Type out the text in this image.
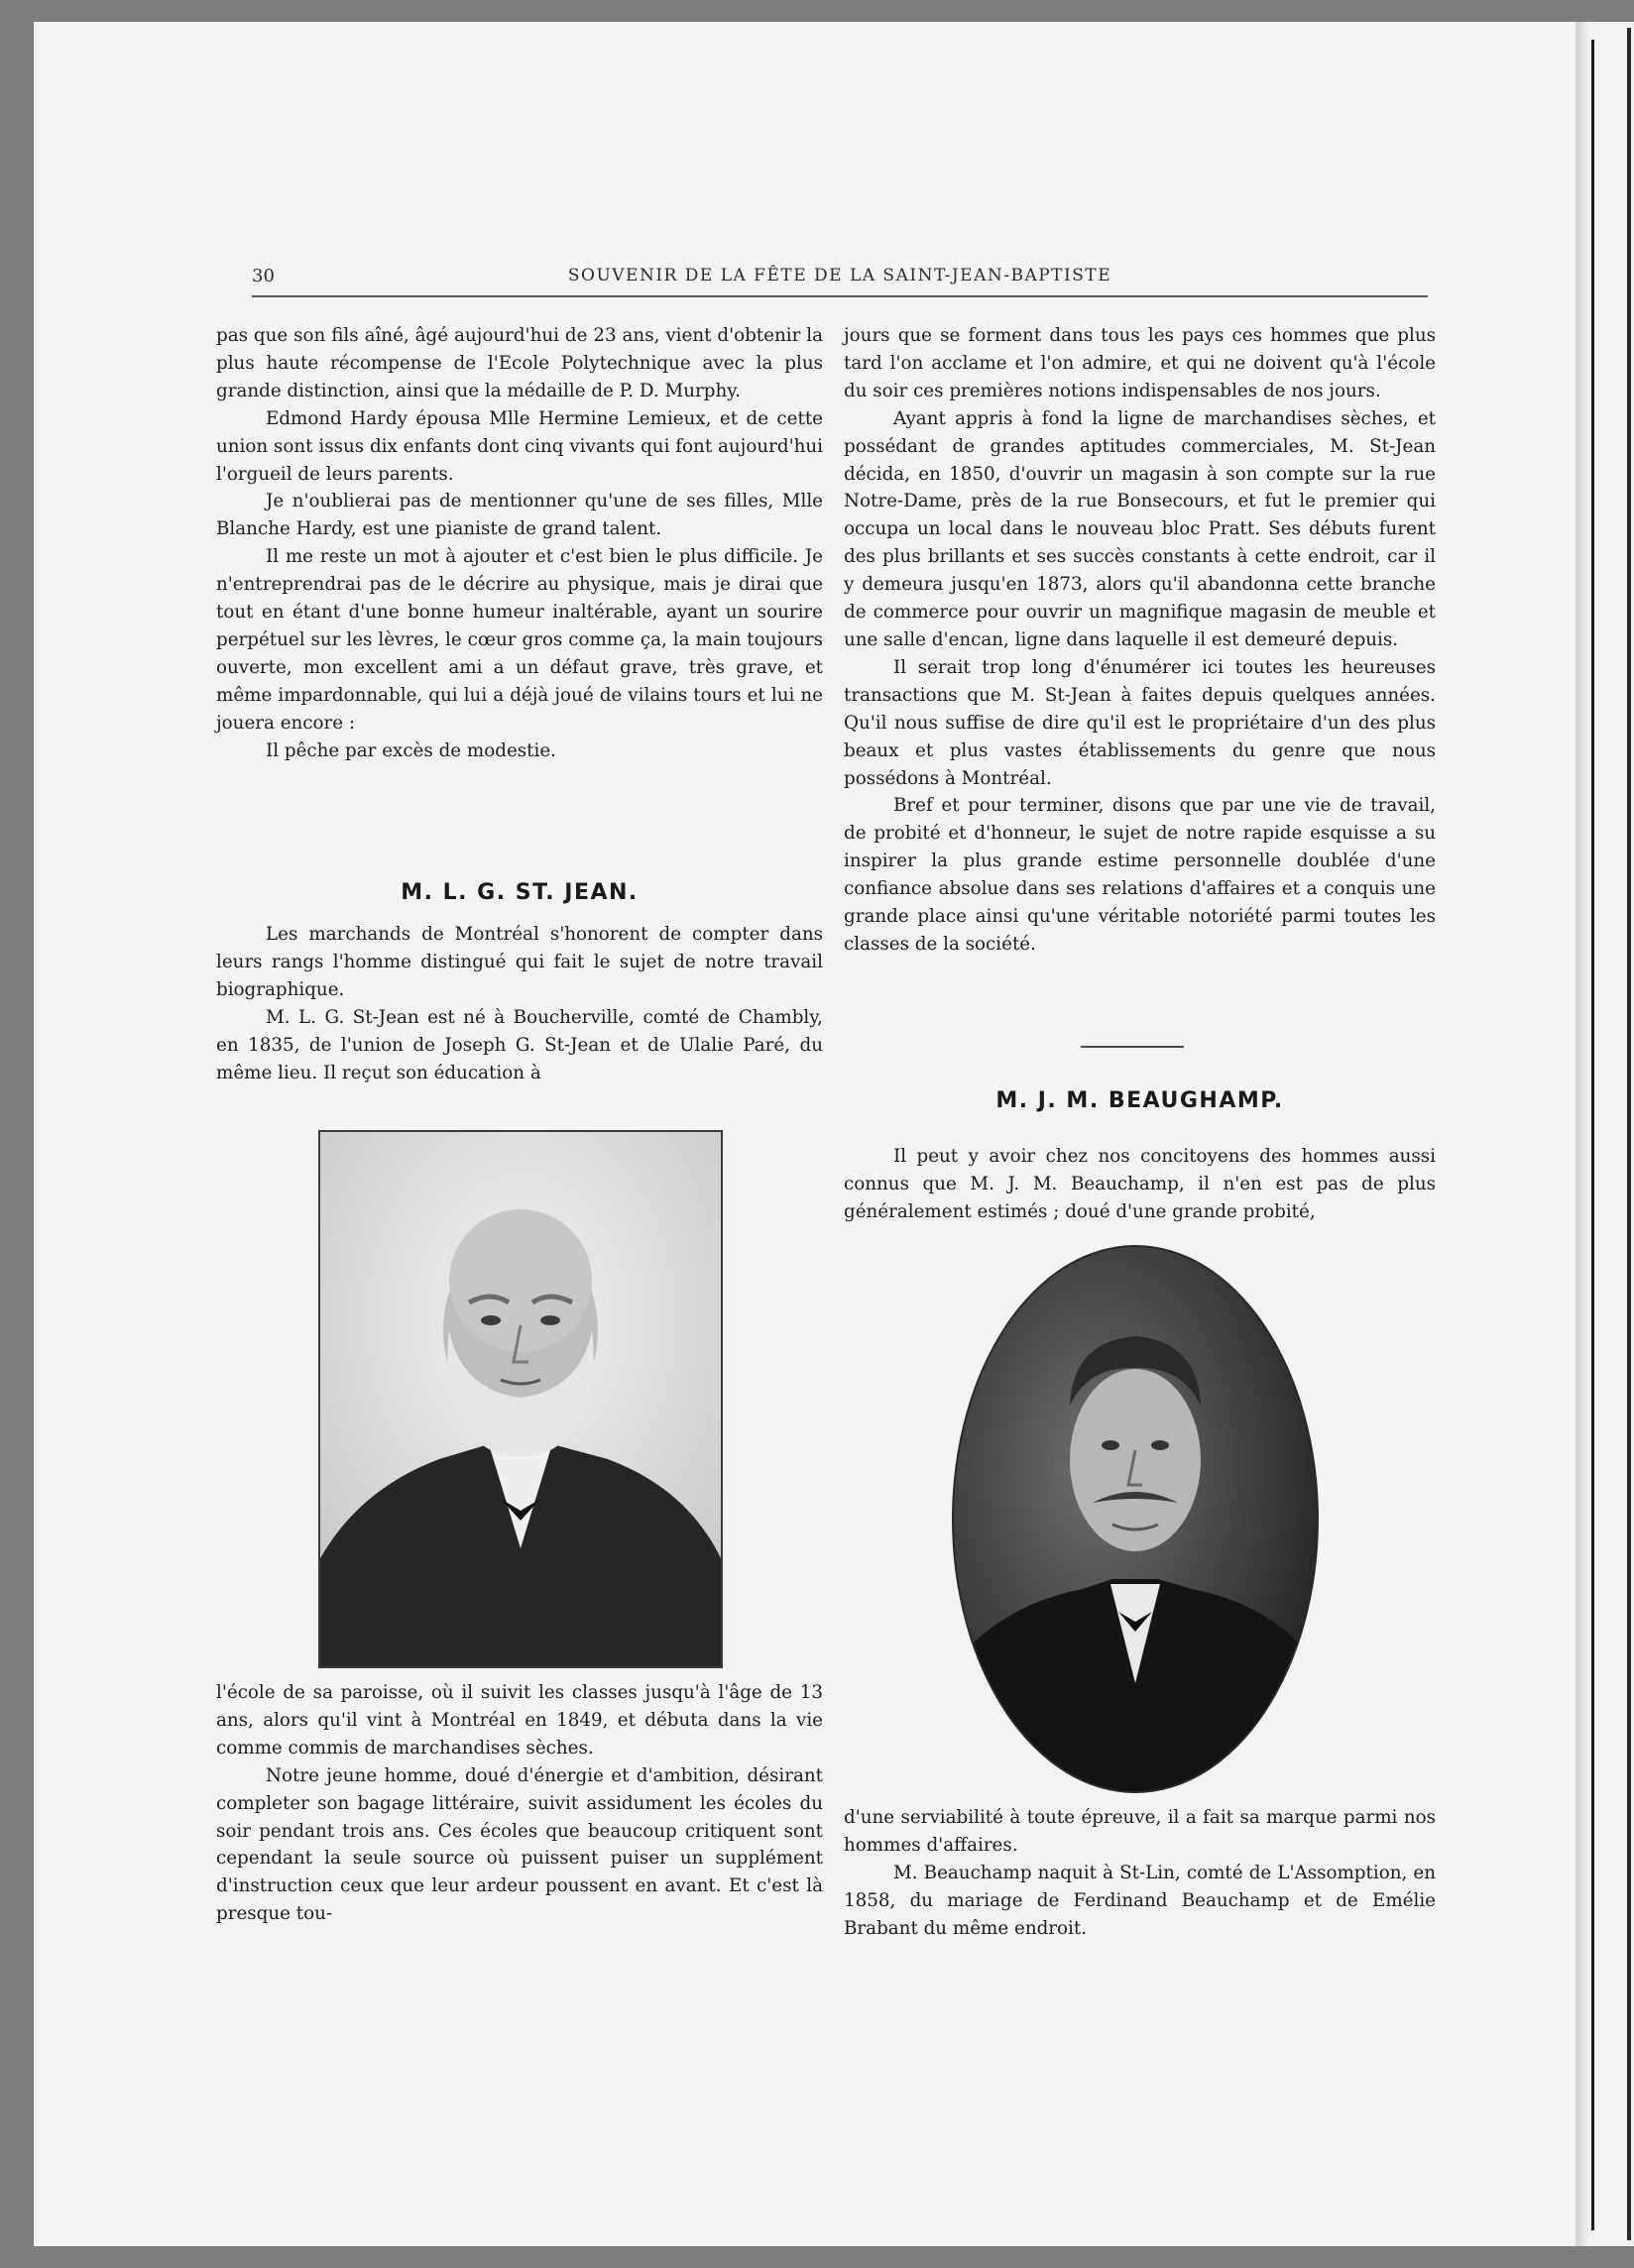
30	SOUVENIR DE LA FÊTE DE LA SAINT-JEAN-BAPTISTE

pas que son fils aîné, âgé aujourd'hui de 23 ans, vient d'obtenir la plus haute récompense de l'Ecole Polytechnique avec la plus grande distinction, ainsi que la médaille de P. D. Murphy.

Edmond Hardy épousa Mlle Hermine Lemieux, et de cette union sont issus dix enfants dont cinq vivants qui font aujourd'hui l'orgueil de leurs parents.

Je n'oublierai pas de mentionner qu'une de ses filles, Mlle Blanche Hardy, est une pianiste de grand talent.

Il me reste un mot à ajouter et c'est bien le plus difficile. Je n'entreprendrai pas de le décrire au physique, mais je dirai que tout en étant d'une bonne humeur inaltérable, ayant un sourire perpétuel sur les lèvres, le cœur gros comme ça, la main toujours ouverte, mon excellent ami a un défaut grave, très grave, et même impardonnable, qui lui a déjà joué de vilains tours et lui ne jouera encore :

Il pêche par excès de modestie.

M. L. G. ST. JEAN.

Les marchands de Montréal s'honorent de compter dans leurs rangs l'homme distingué qui fait le sujet de notre travail biographique.

M. L. G. St-Jean est né à Boucherville, comté de Chambly, en 1835, de l'union de Joseph G. St-Jean et de Ulalie Paré, du même lieu. Il reçut son éducation à

l'école de sa paroisse, où il suivit les classes jusqu'à l'âge de 13 ans, alors qu'il vint à Montréal en 1849, et débuta dans la vie comme commis de marchandises sèches.

Notre jeune homme, doué d'énergie et d'ambition, désirant completer son bagage littéraire, suivit assidument les écoles du soir pendant trois ans. Ces écoles que beaucoup critiquent sont cependant la seule source où puissent puiser un supplément d'instruction ceux que leur ardeur poussent en avant. Et c'est là presque tou-

jours que se forment dans tous les pays ces hommes que plus tard l'on acclame et l'on admire, et qui ne doivent qu'à l'école du soir ces premières notions indispensables de nos jours.

Ayant appris à fond la ligne de marchandises sèches, et possédant de grandes aptitudes commerciales, M. St-Jean décida, en 1850, d'ouvrir un magasin à son compte sur la rue Notre-Dame, près de la rue Bonsecours, et fut le premier qui occupa un local dans le nouveau bloc Pratt. Ses débuts furent des plus brillants et ses succès constants à cette endroit, car il y demeura jusqu'en 1873, alors qu'il abandonna cette branche de commerce pour ouvrir un magnifique magasin de meuble et une salle d'encan, ligne dans laquelle il est demeuré depuis.

Il serait trop long d'énumérer ici toutes les heureuses transactions que M. St-Jean à faites depuis quelques années. Qu'il nous suffise de dire qu'il est le propriétaire d'un des plus beaux et plus vastes établissements du genre que nous possédons à Montréal.

Bref et pour terminer, disons que par une vie de travail, de probité et d'honneur, le sujet de notre rapide esquisse a su inspirer la plus grande estime personnelle doublée d'une confiance absolue dans ses relations d'affaires et a conquis une grande place ainsi qu'une véritable notoriété parmi toutes les classes de la société.

M. J. M. BEAUGHAMP.

Il peut y avoir chez nos concitoyens des hommes aussi connus que M. J. M. Beauchamp, il n'en est pas de plus généralement estimés ; doué d'une grande probité,

d'une serviabilité à toute épreuve, il a fait sa marque parmi nos hommes d'affaires.

M. Beauchamp naquit à St-Lin, comté de L'Assomption, en 1858, du mariage de Ferdinand Beauchamp et de Emélie Brabant du même endroit.
